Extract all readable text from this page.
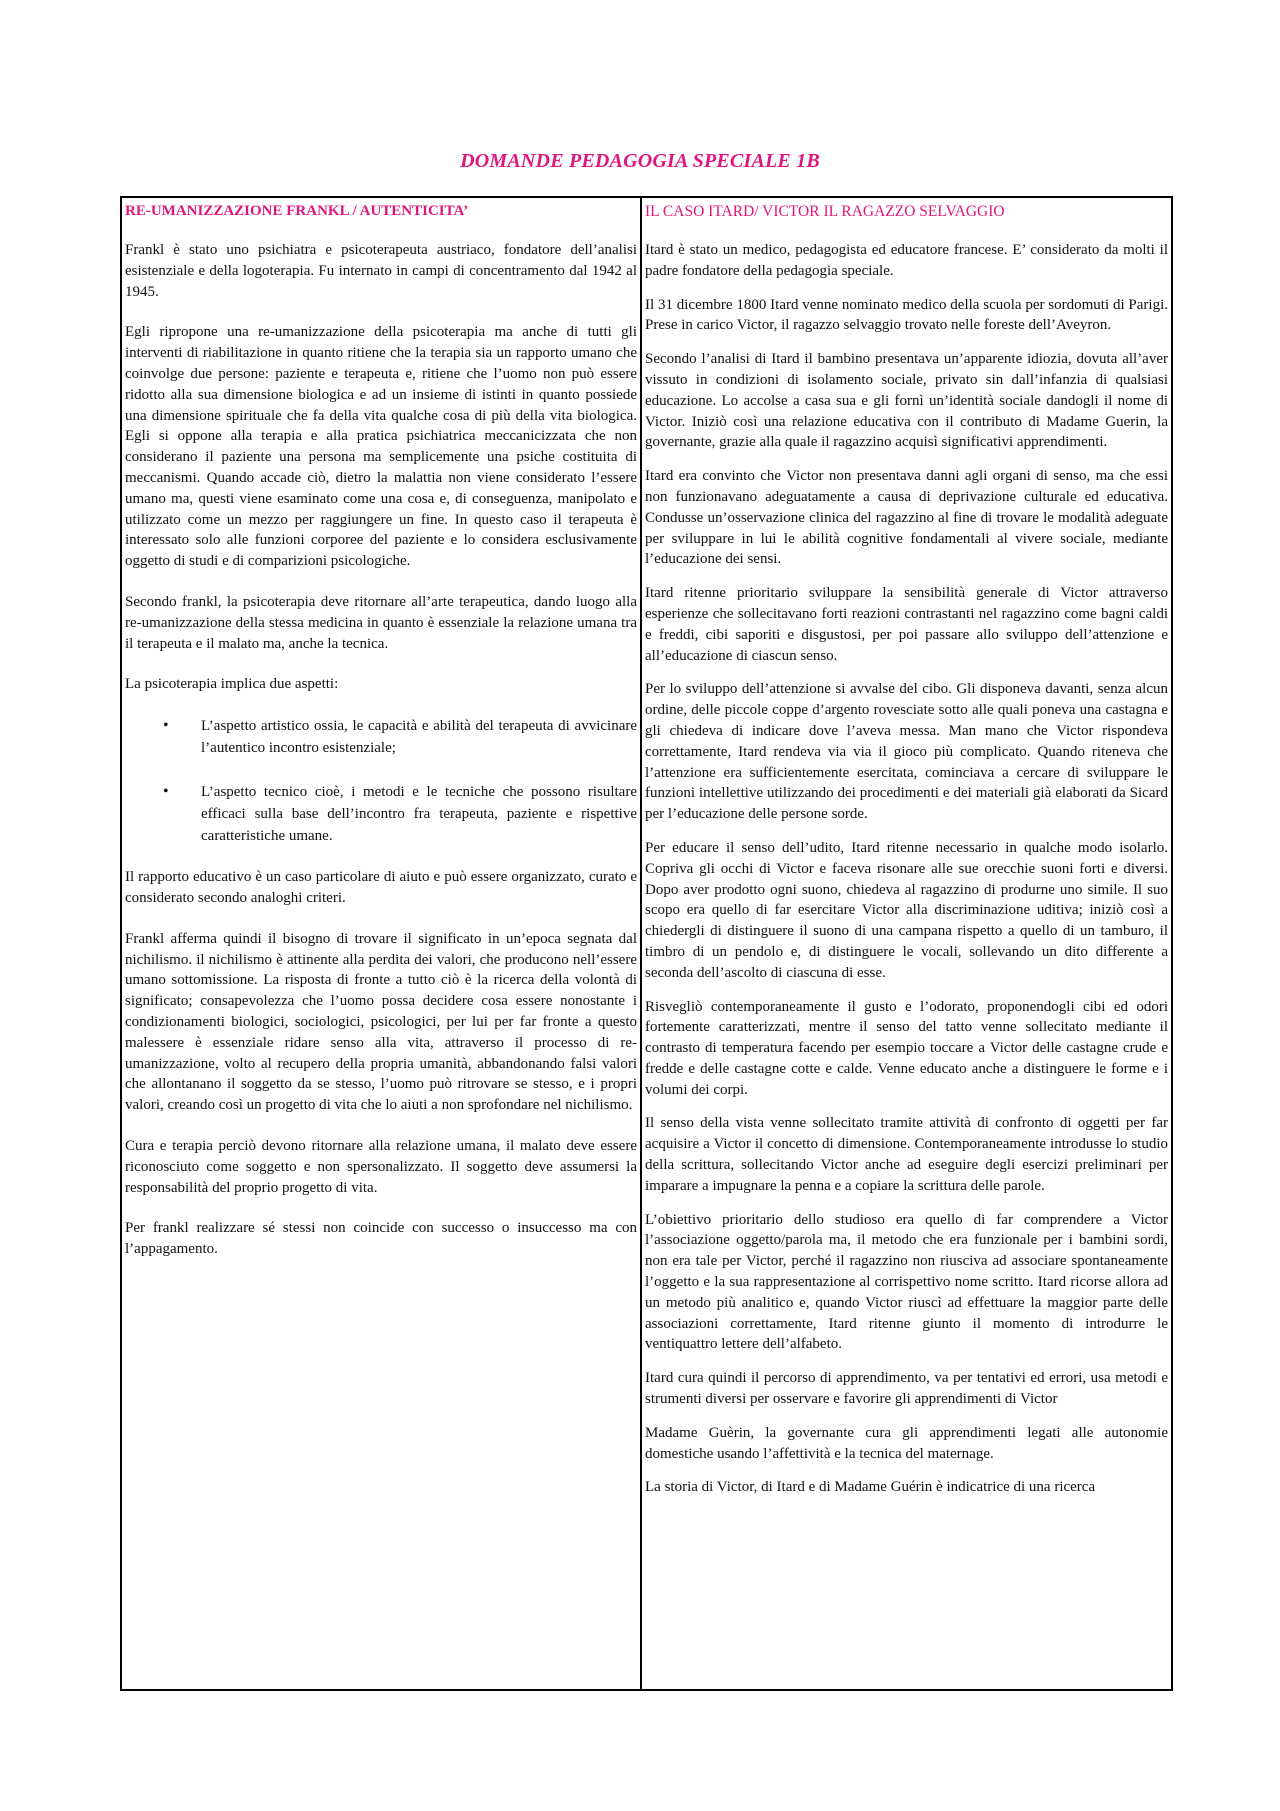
DOMANDE PEDAGOGIA SPECIALE 1B
RE-UMANIZZAZIONE FRANKL / AUTENTICITA’

Frankl è stato uno psichiatra e psicoterapeuta austriaco, fondatore dell’analisi esistenziale e della logoterapia. Fu internato in campi di concentramento dal 1942 al 1945.

Egli ripropone una re-umanizzazione della psicoterapia ma anche di tutti gli interventi di riabilitazione in quanto ritiene che la terapia sia un rapporto umano che coinvolge due persone: paziente e terapeuta e, ritiene che l’uomo non può essere ridotto alla sua dimensione biologica e ad un insieme di istinti in quanto possiede una dimensione spirituale che fa della vita qualche cosa di più della vita biologica. Egli si oppone alla terapia e alla pratica psichiatrica meccanicizzata che non considerano il paziente una persona ma semplicemente una psiche costituita di meccanismi. Quando accade ciò, dietro la malattia non viene considerato l’essere umano ma, questi viene esaminato come una cosa e, di conseguenza, manipolato e utilizzato come un mezzo per raggiungere un fine. In questo caso il terapeuta è interessato solo alle funzioni corporee del paziente e lo considera esclusivamente oggetto di studi e di comparizioni psicologiche.

Secondo frankl, la psicoterapia deve ritornare all’arte terapeutica, dando luogo alla re-umanizzazione della stessa medicina in quanto è essenziale la relazione umana tra il terapeuta e il malato ma, anche la tecnica.

La psicoterapia implica due aspetti:

• L’aspetto artistico ossia, le capacità e abilità del terapeuta di avvicinare l’autentico incontro esistenziale;
• L’aspetto tecnico cioè, i metodi e le tecniche che possono risultare efficaci sulla base dell’incontro fra terapeuta, paziente e rispettive caratteristiche umane.

Il rapporto educativo è un caso particolare di aiuto e può essere organizzato, curato e considerato secondo analoghi criteri.

Frankl afferma quindi il bisogno di trovare il significato in un’epoca segnata dal nichilismo. il nichilismo è attinente alla perdita dei valori, che producono nell’essere umano sottomissione. La risposta di fronte a tutto ciò è la ricerca della volontà di significato; consapevolezza che l’uomo possa decidere cosa essere nonostante i condizionamenti biologici, sociologici, psicologici, per lui per far fronte a questo malessere è essenziale ridare senso alla vita, attraverso il processo di re-umanizzazione, volto al recupero della propria umanità, abbandonando falsi valori che allontanano il soggetto da se stesso, l’uomo può ritrovare se stesso, e i propri valori, creando così un progetto di vita che lo aiuti a non sprofondare nel nichilismo.

Cura e terapia perciò devono ritornare alla relazione umana, il malato deve essere riconosciuto come soggetto e non spersonalizzato. Il soggetto deve assumersi la responsabilità del proprio progetto di vita.

Per frankl realizzare sé stessi non coincide con successo o insuccesso ma con l’appagamento.

IL CASO ITARD/ VICTOR IL RAGAZZO SELVAGGIO

Itard è stato un medico, pedagogista ed educatore francese. E’ considerato da molti il padre fondatore della pedagogia speciale.

Il 31 dicembre 1800 Itard venne nominato medico della scuola per sordomuti di Parigi. Prese in carico Victor, il ragazzo selvaggio trovato nelle foreste dell’Aveyron.

Secondo l’analisi di Itard il bambino presentava un’apparente idiozia, dovuta all’aver vissuto in condizioni di isolamento sociale, privato sin dall’infanzia di qualsiasi educazione. Lo accolse a casa sua e gli fornì un’identità sociale dandogli il nome di Victor. Iniziò così una relazione educativa con il contributo di Madame Guerin, la governante, grazie alla quale il ragazzino acquisì significativi apprendimenti.

Itard era convinto che Victor non presentava danni agli organi di senso, ma che essi non funzionavano adeguatamente a causa di deprivazione culturale ed educativa. Condusse un’osservazione clinica del ragazzino al fine di trovare le modalità adeguate per sviluppare in lui le abilità cognitive fondamentali al vivere sociale, mediante l’educazione dei sensi.

Itard ritenne prioritario sviluppare la sensibilità generale di Victor attraverso esperienze che sollecitavano forti reazioni contrastanti nel ragazzino come bagni caldi e freddi, cibi saporiti e disgustosi, per poi passare allo sviluppo dell’attenzione e all’educazione di ciascun senso.

Per lo sviluppo dell’attenzione si avvalse del cibo. Gli disponeva davanti, senza alcun ordine, delle piccole coppe d’argento rovesciate sotto alle quali poneva una castagna e gli chiedeva di indicare dove l’aveva messa. Man mano che Victor rispondeva correttamente, Itard rendeva via via il gioco più complicato. Quando riteneva che l’attenzione era sufficientemente esercitata, cominciava a cercare di sviluppare le funzioni intellettive utilizzando dei procedimenti e dei materiali già elaborati da Sicard per l’educazione delle persone sorde.

Per educare il senso dell’udito, Itard ritenne necessario in qualche modo isolarlo. Copriva gli occhi di Victor e faceva risonare alle sue orecchie suoni forti e diversi. Dopo aver prodotto ogni suono, chiedeva al ragazzino di produrne uno simile. Il suo scopo era quello di far esercitare Victor alla discriminazione uditiva; iniziò così a chiedergli di distinguere il suono di una campana rispetto a quello di un tamburo, il timbro di un pendolo e, di distinguere le vocali, sollevando un dito differente a seconda dell’ascolto di ciascuna di esse.

Risvegliò contemporaneamente il gusto e l’odorato, proponendogli cibi ed odori fortemente caratterizzati, mentre il senso del tatto venne sollecitato mediante il contrasto di temperatura facendo per esempio toccare a Victor delle castagne crude e fredde e delle castagne cotte e calde. Venne educato anche a distinguere le forme e i volumi dei corpi.

Il senso della vista venne sollecitato tramite attività di confronto di oggetti per far acquisire a Victor il concetto di dimensione. Contemporaneamente introdusse lo studio della scrittura, sollecitando Victor anche ad eseguire degli esercizi preliminari per imparare a impugnare la penna e a copiare la scrittura delle parole.

L’obiettivo prioritario dello studioso era quello di far comprendere a Victor l’associazione oggetto/parola ma, il metodo che era funzionale per i bambini sordi, non era tale per Victor, perché il ragazzino non riusciva ad associare spontaneamente l’oggetto e la sua rappresentazione al corrispettivo nome scritto. Itard ricorse allora ad un metodo più analitico e, quando Victor riuscì ad effettuare la maggior parte delle associazioni correttamente, Itard ritenne giunto il momento di introdurre le ventiquattro lettere dell’alfabeto.

Itard cura quindi il percorso di apprendimento, va per tentativi ed errori, usa metodi e strumenti diversi per osservare e favorire gli apprendimenti di Victor

Madame Guèrin, la governante cura gli apprendimenti legati alle autonomie domestiche usando l’affettività e la tecnica del maternage.

La storia di Victor, di Itard e di Madame Guérin è indicatrice di una ricerca
